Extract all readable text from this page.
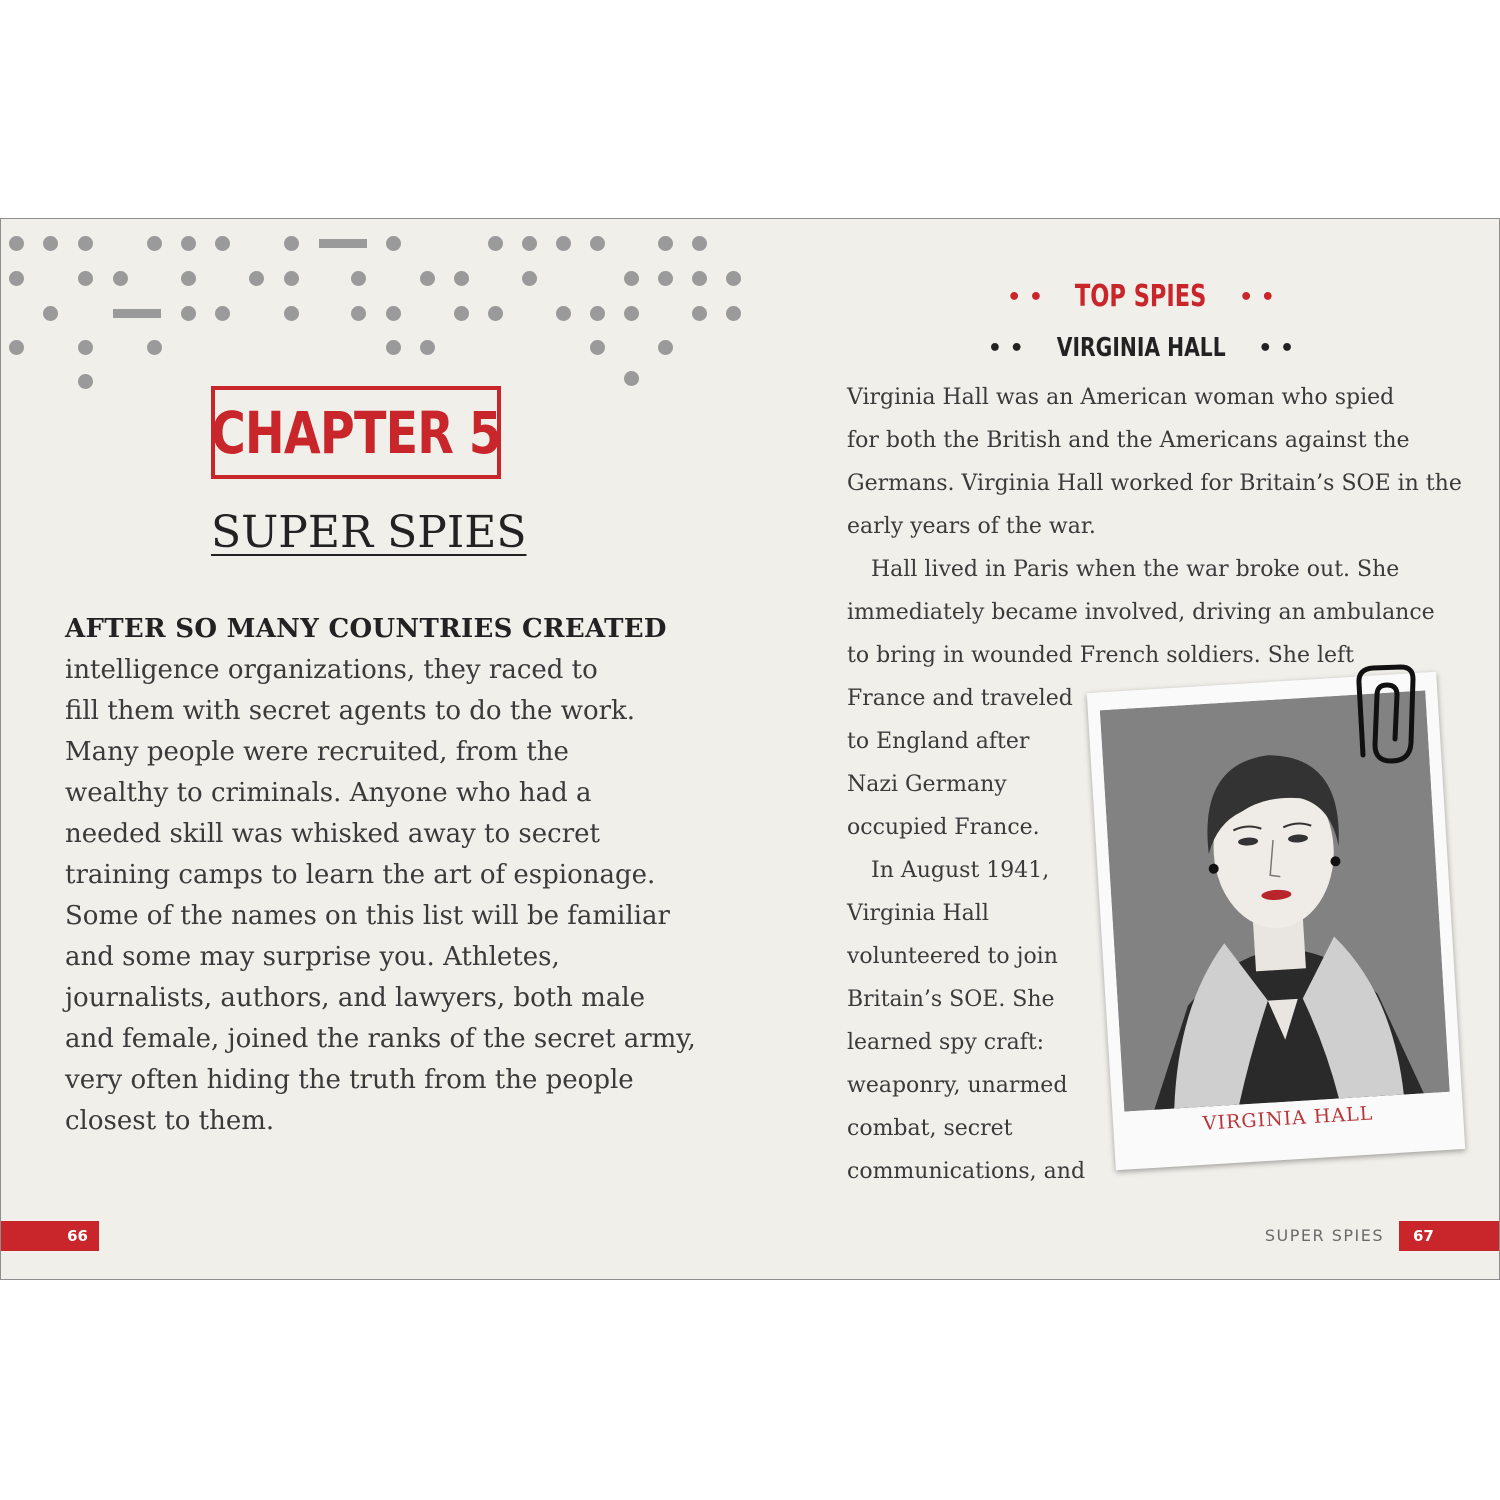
CHAPTER 5
SUPER SPIES
AFTER SO MANY COUNTRIES CREATED
intelligence organizations, they raced to
fill them with secret agents to do the work.
Many people were recruited, from the
wealthy to criminals. Anyone who had a
needed skill was whisked away to secret
training camps to learn the art of espionage.
Some of the names on this list will be familiar
and some may surprise you. Athletes,
journalists, authors, and lawyers, both male
and female, joined the ranks of the secret army,
very often hiding the truth from the people
closest to them.
• • TOP SPIES • •
• • VIRGINIA HALL • •
Virginia Hall was an American woman who spied
for both the British and the Americans against the
Germans. Virginia Hall worked for Britain’s SOE in the
early years of the war.
Hall lived in Paris when the war broke out. She
immediately became involved, driving an ambulance
to bring in wounded French soldiers. She left
France and traveled
to England after
Nazi Germany
occupied France.
In August 1941,
Virginia Hall
volunteered to join
Britain’s SOE. She
learned spy craft:
weaponry, unarmed
combat, secret
communications, and
VIRGINIA HALL
66	SUPER SPIES	67
